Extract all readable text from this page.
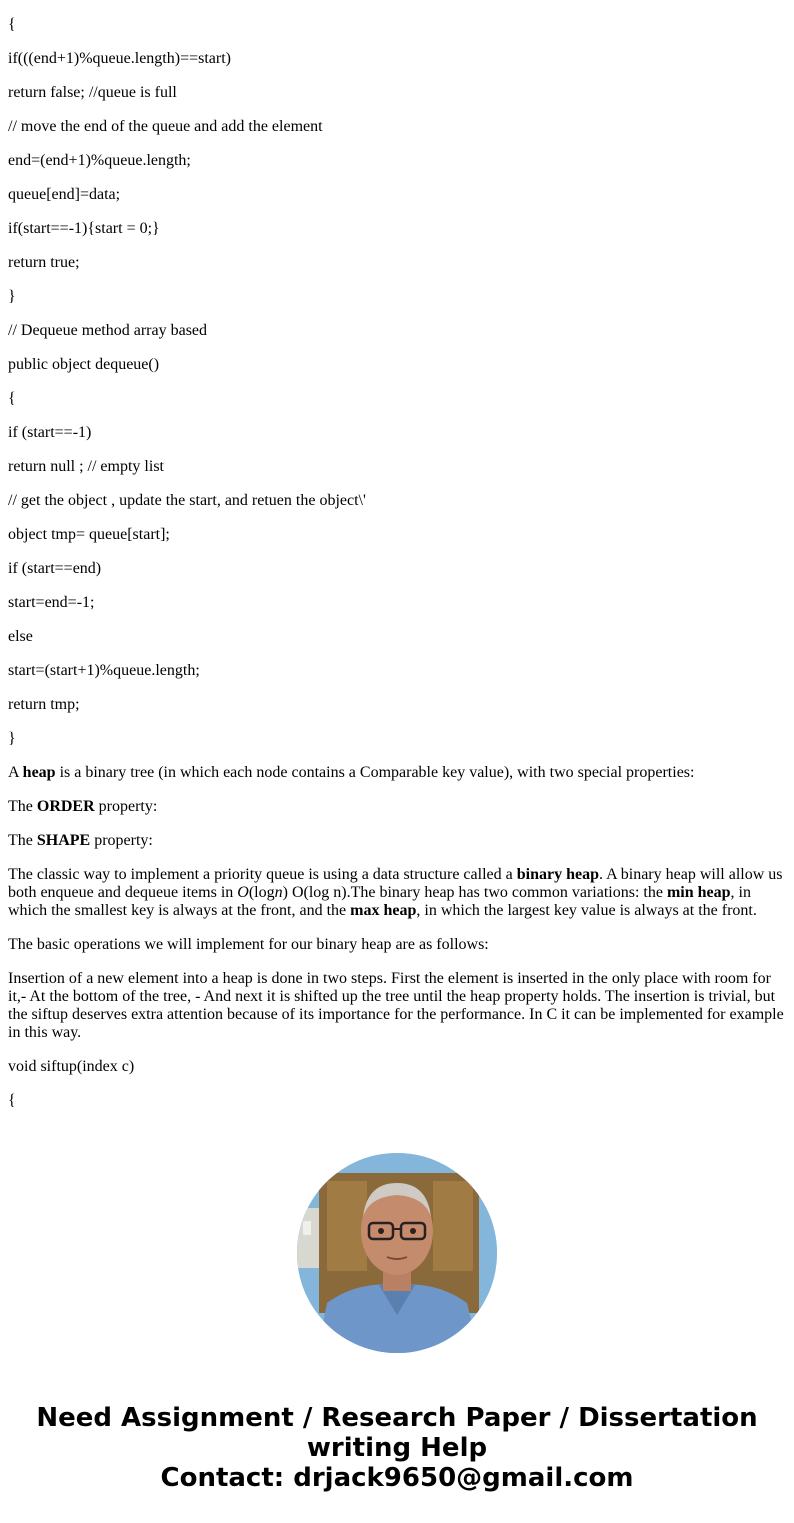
{

if(((end+1)%queue.length)==start)

return false; //queue is full

// move the end of the queue and add the element

end=(end+1)%queue.length;

queue[end]=data;

if(start==-1){start = 0;}

return true;

}

// Dequeue method array based

public object dequeue()

{

if (start==-1)

return null ; // empty list

// get the object , update the start, and retuen the object\'

object tmp= queue[start];

if (start==end)

start=end=-1;

else

start=(start+1)%queue.length;

return tmp;

}

A heap is a binary tree (in which each node contains a Comparable key value), with two special properties:

The ORDER property:

The SHAPE property:

The classic way to implement a priority queue is using a data structure called a binary heap. A binary heap will allow us both enqueue and dequeue items in O(logn) O(log n).The binary heap has two common variations: the min heap, in which the smallest key is always at the front, and the max heap, in which the largest key value is always at the front.

The basic operations we will implement for our binary heap are as follows:

Insertion of a new element into a heap is done in two steps. First the element is inserted in the only place with room for it,- At the bottom of the tree, - And next it is shifted up the tree until the heap property holds. The insertion is trivial, but the siftup deserves extra attention because of its importance for the performance. In C it can be implemented for example in this way.

void siftup(index c)

{

Need Assignment / Research Paper / Dissertation
writing Help
Contact: drjack9650@gmail.com
